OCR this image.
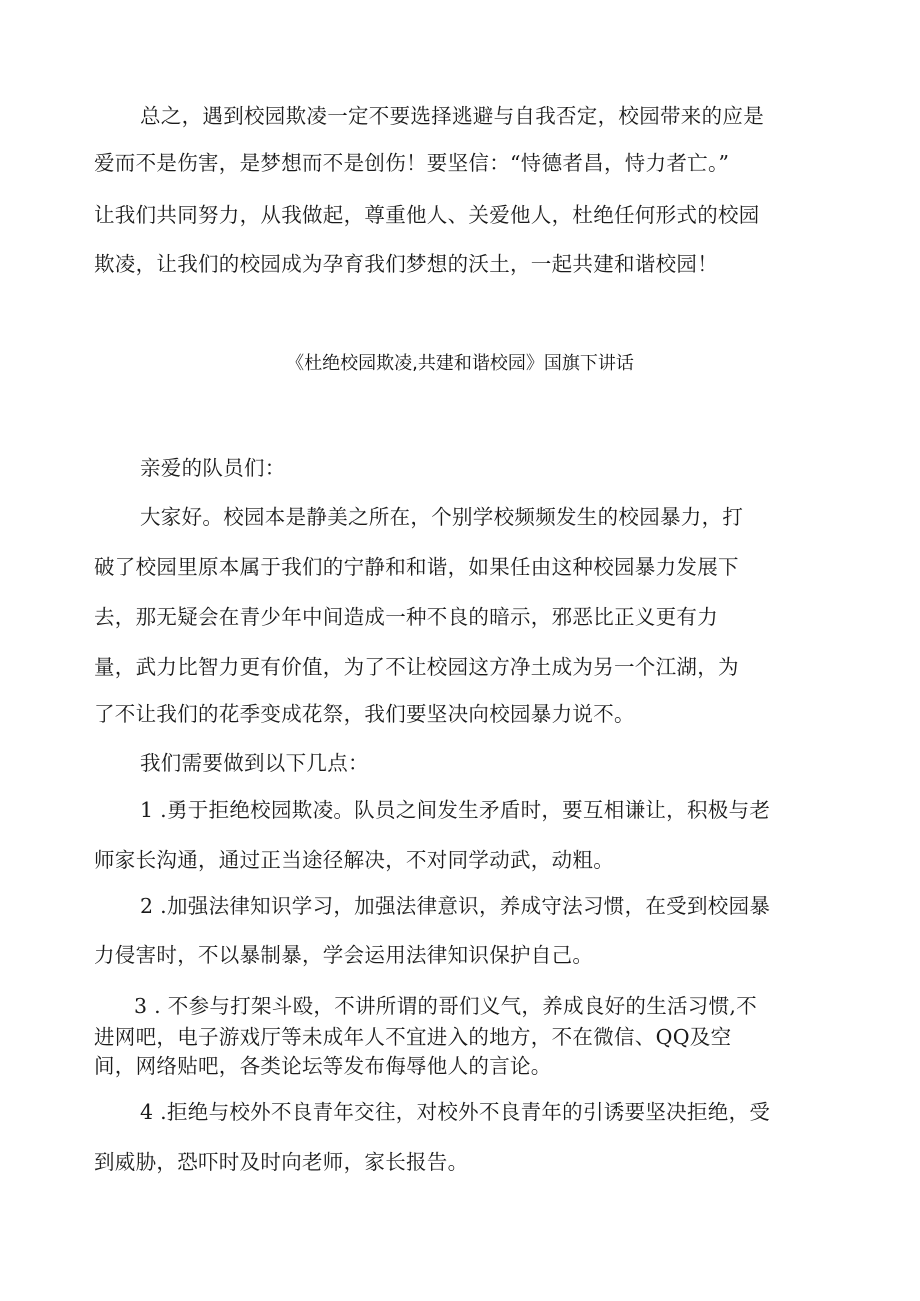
总之，遇到校园欺凌一定不要选择逃避与自我否定，校园带来的应是
爱而不是伤害，是梦想而不是创伤！要坚信：“恃德者昌，恃力者亡。”
让我们共同努力，从我做起，尊重他人、关爱他人，杜绝任何形式的校园
欺凌，让我们的校园成为孕育我们梦想的沃土，一起共建和谐校园！
《杜绝校园欺凌,共建和谐校园》国旗下讲话
亲爱的队员们：
大家好。校园本是静美之所在，个别学校频频发生的校园暴力，打
破了校园里原本属于我们的宁静和和谐，如果任由这种校园暴力发展下
去，那无疑会在青少年中间造成一种不良的暗示，邪恶比正义更有力
量，武力比智力更有价值，为了不让校园这方净土成为另一个江湖，为
了不让我们的花季变成花祭，我们要坚决向校园暴力说不。
我们需要做到以下几点：
1 .勇于拒绝校园欺凌。队员之间发生矛盾时，要互相谦让，积极与老
师家长沟通，通过正当途径解决，不对同学动武，动粗。
2 .加强法律知识学习，加强法律意识，养成守法习惯，在受到校园暴
力侵害时，不以暴制暴，学会运用法律知识保护自己。
3 . 不参与打架斗殴，不讲所谓的哥们义气，养成良好的生活习惯,不
进网吧，电子游戏厅等未成年人不宜进入的地方，不在微信、QQ及空
间，网络贴吧，各类论坛等发布侮辱他人的言论。
4 .拒绝与校外不良青年交往，对校外不良青年的引诱要坚决拒绝，受
到威胁，恐吓时及时向老师，家长报告。
